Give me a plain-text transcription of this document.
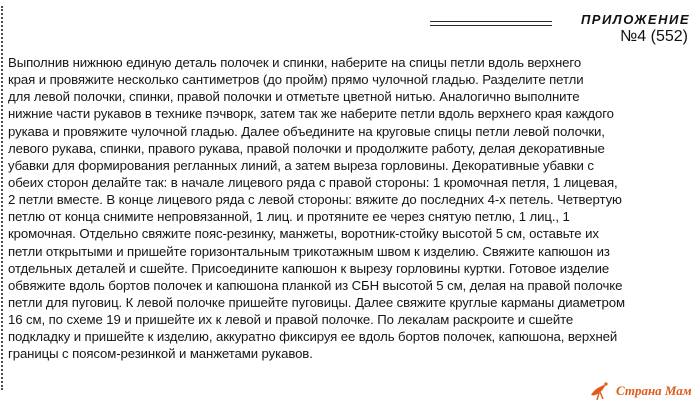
ПРИЛОЖЕНИЕ
№4 (552)

Выполнив нижнюю единую деталь полочек и спинки, наберите на спицы петли вдоль верхнего
края и провяжите несколько сантиметров (до пройм) прямо чулочной гладью. Разделите петли
для левой полочки, спинки, правой полочки и отметьте цветной нитью. Аналогично выполните
нижние части рукавов в технике пэчворк, затем так же наберите петли вдоль верхнего края каждого
рукава и провяжите чулочной гладью. Далее объедините на круговые спицы петли левой полочки,
левого рукава, спинки, правого рукава, правой полочки и продолжите работу, делая декоративные
убавки для формирования регланных линий, а затем выреза горловины. Декоративные убавки с
обеих сторон делайте так: в начале лицевого ряда с правой стороны: 1 кромочная петля, 1 лицевая,
2 петли вместе. В конце лицевого ряда с левой стороны: вяжите до последних 4-х петель. Четвертую
петлю от конца снимите непровязанной, 1 лиц. и протяните ее через снятую петлю, 1 лиц., 1
кромочная. Отдельно свяжите пояс-резинку, манжеты, воротник-стойку высотой 5 см, оставьте их
петли открытыми и пришейте горизонтальным трикотажным швом к изделию. Свяжите капюшон из
отдельных деталей и сшейте. Присоедините капюшон к вырезу горловины куртки. Готовое изделие
обвяжите вдоль бортов полочек и капюшона планкой из СБН высотой 5 см, делая на правой полочке
петли для пуговиц. К левой полочке пришейте пуговицы. Далее свяжите круглые карманы диаметром
16 см, по схеме 19 и пришейте их к левой и правой полочке. По лекалам раскроите и сшейте
подкладку и пришейте к изделию, аккуратно фиксируя ее вдоль бортов полочек, капюшона, верхней
границы с поясом-резинкой и манжетами рукавов.

Страна Мам
